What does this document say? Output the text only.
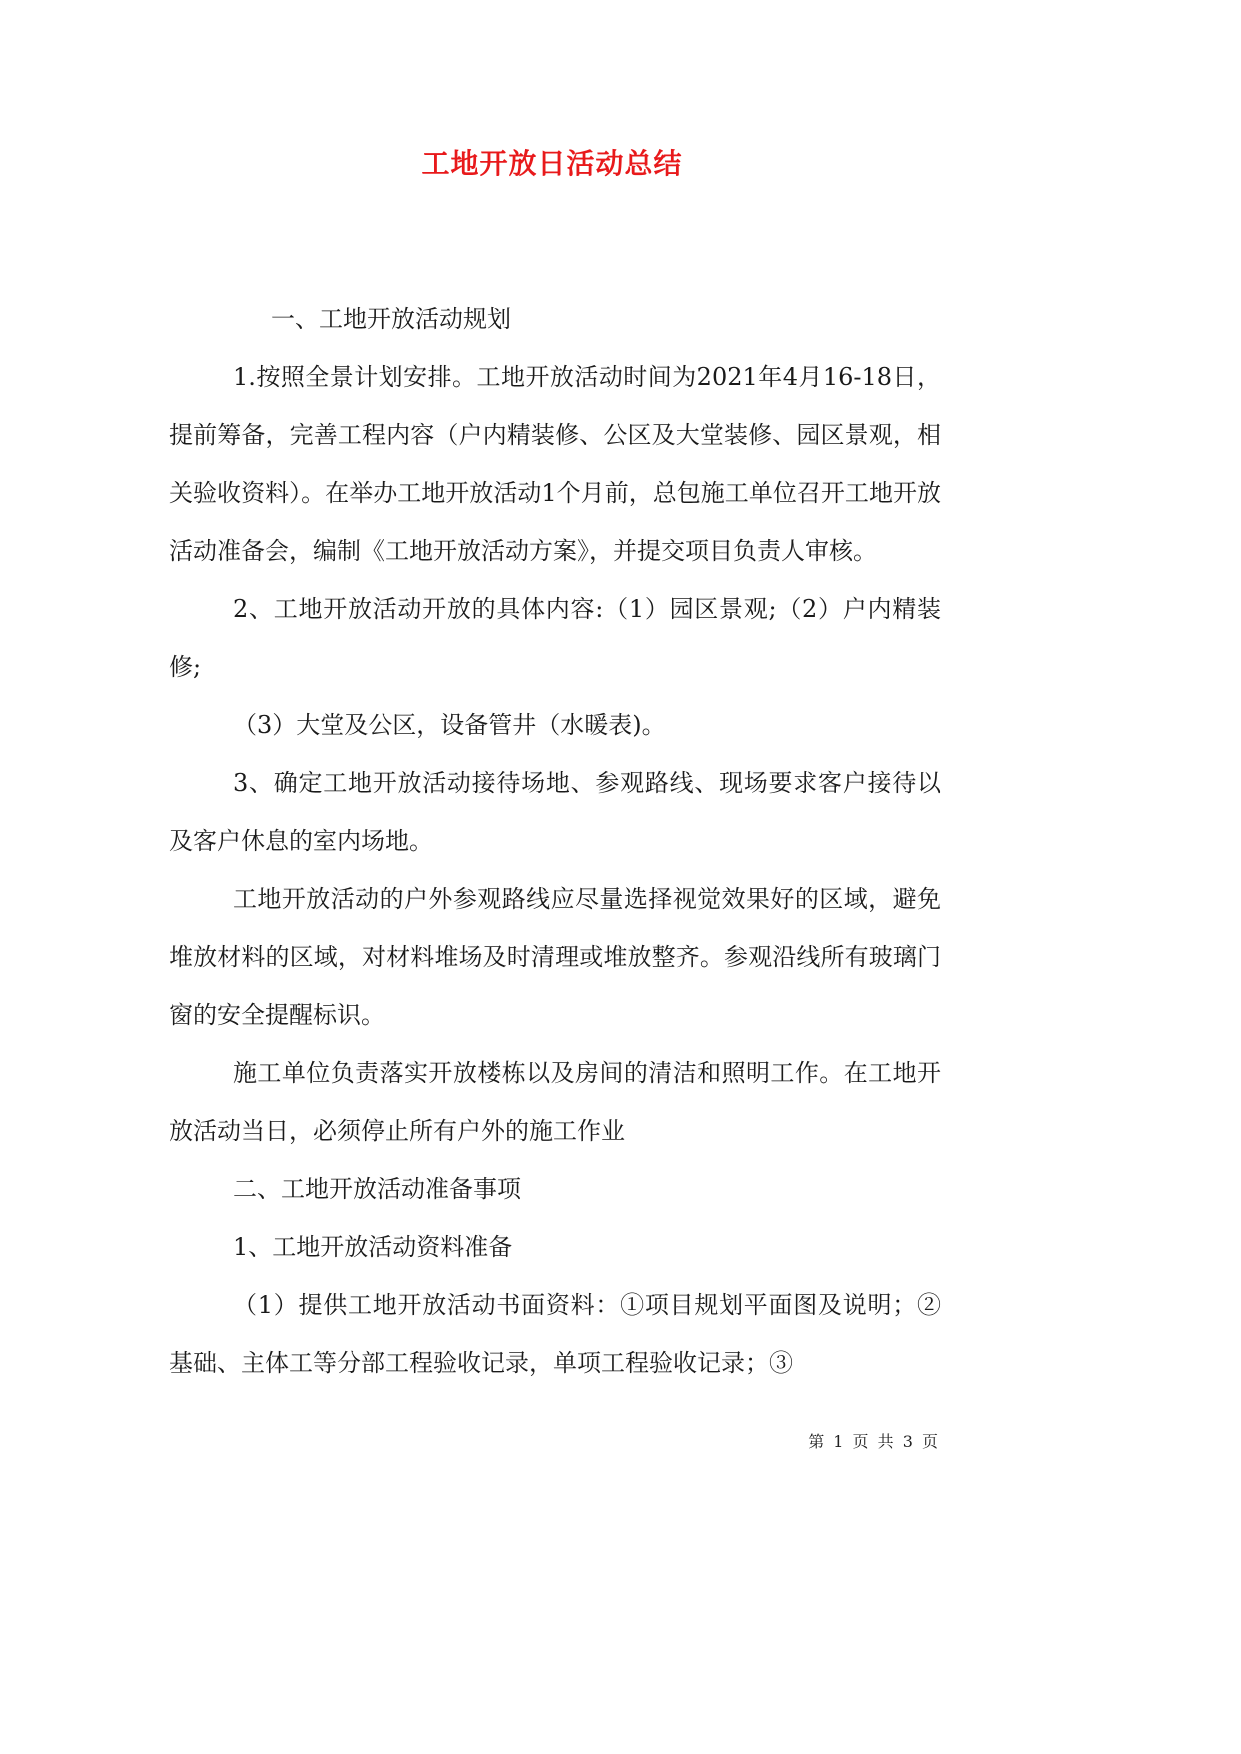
工地开放日活动总结

一、工地开放活动规划

1.按照全景计划安排。工地开放活动时间为2021年4月16-18日，提前筹备，完善工程内容（户内精装修、公区及大堂装修、园区景观，相关验收资料）。在举办工地开放活动1个月前，总包施工单位召开工地开放活动准备会，编制《工地开放活动方案》，并提交项目负责人审核。

2、工地开放活动开放的具体内容:（1）园区景观;（2）户内精装修;

（3）大堂及公区，设备管井（水暖表)。

3、确定工地开放活动接待场地、参观路线、现场要求客户接待以及客户休息的室内场地。

工地开放活动的户外参观路线应尽量选择视觉效果好的区域，避免堆放材料的区域，对材料堆场及时清理或堆放整齐。参观沿线所有玻璃门窗的安全提醒标识。

施工单位负责落实开放楼栋以及房间的清洁和照明工作。在工地开放活动当日，必须停止所有户外的施工作业

二、工地开放活动准备事项

1、工地开放活动资料准备

（1）提供工地开放活动书面资料：①项目规划平面图及说明；②基础、主体工等分部工程验收记录，单项工程验收记录；③

第 1 页 共 3 页
